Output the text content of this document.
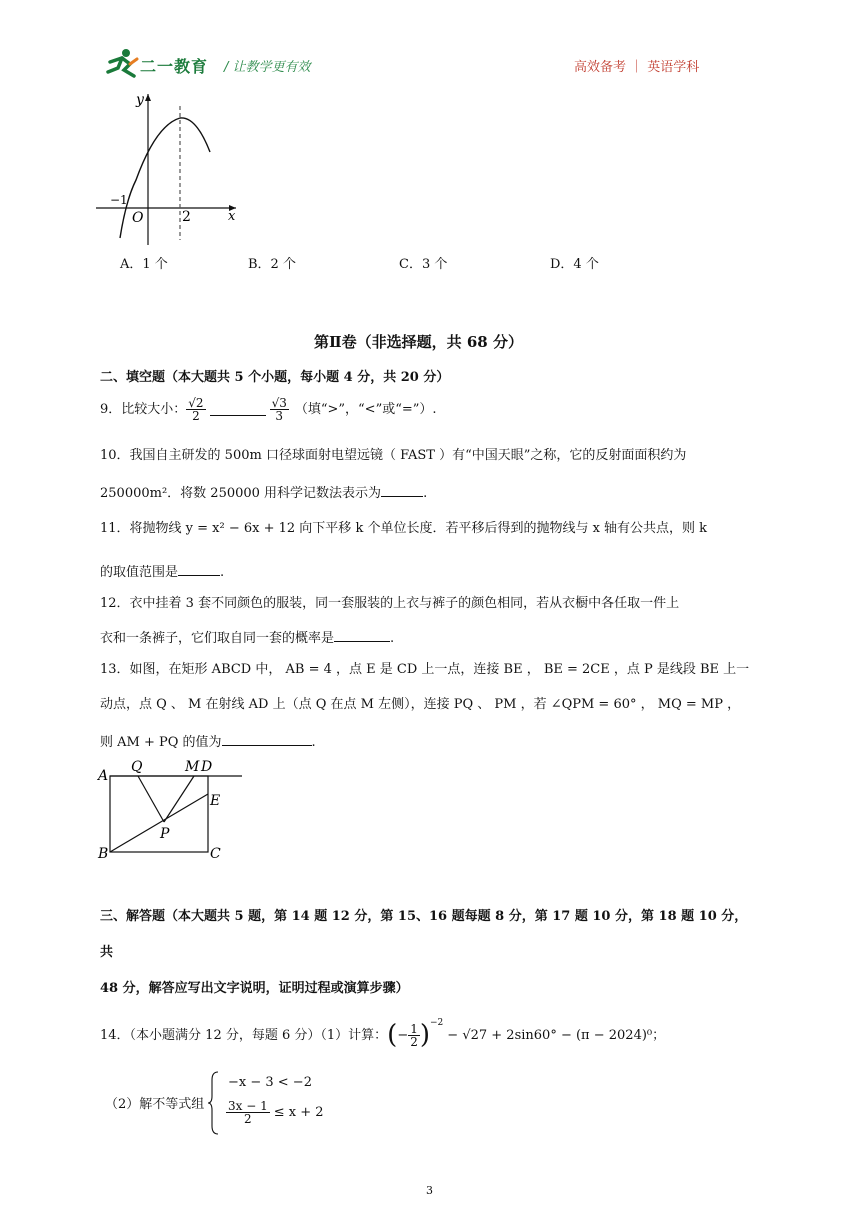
二一教育 / 让教学更有效	高效备考 ｜ 英语学科
y
x
O
−1
2
A．1 个	B．2 个	C．3 个	D．4 个
第Ⅱ卷（非选择题，共 68 分）
二、填空题（本大题共 5 个小题，每小题 4 分，共 20 分）
9．比较大小： $\frac{√2}{2}$	$\frac{√3}{3}$ （填“>”，“<”或“=”）.
10．我国自主研发的 500m 口径球面射电望远镜（ FAST ）有“中国天眼”之称，它的反射面面积约为
250000m²．将数 250000 用科学记数法表示为	.
11．将抛物线 y = x² − 6x + 12 向下平移 k 个单位长度．若平移后得到的抛物线与 x 轴有公共点，则 k
的取值范围是	.
12．衣中挂着 3 套不同颜色的服装，同一套服装的上衣与裤子的颜色相同，若从衣橱中各任取一件上
衣和一条裤子，它们取自同一套的概率是	.
13．如图，在矩形 ABCD 中， AB = 4 ，点 E 是 CD 上一点，连接 BE ， BE = 2CE ，点 P 是线段 BE 上一
动点，点 Q 、 M 在射线 AD 上（点 Q 在点 M 左侧），连接 PQ 、 PM ，若 ∠QPM = 60° ， MQ = MP ，
则 AM + PQ 的值为	.
A
Q	M D
E
P
B	C
三、解答题（本大题共 5 题，第 14 题 12 分，第 15、16 题每题 8 分，第 17 题 10 分，第 18 题 10 分，
共
48 分，解答应写出文字说明，证明过程或演算步骤）
14．（本小题满分 12 分，每题 6 分）（1）计算： ( − $\frac{1}{2}$ ) −2
− √27 + 2sin60° − (π − 2024)⁰；
（2）解不等式组
−x − 3 < −2
$\frac{3x - 1}{2} \le x + 2$
3
